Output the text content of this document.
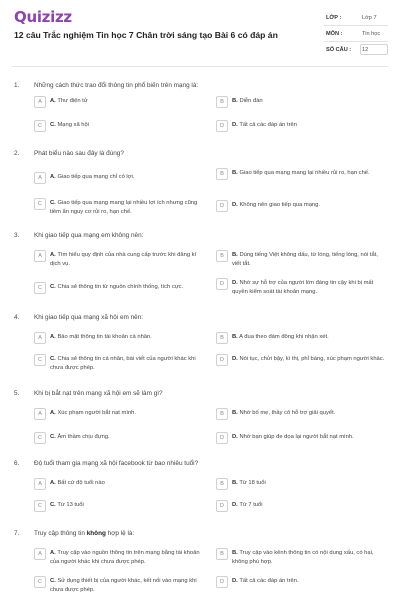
Quizizz
12 câu Trắc nghiệm Tin học 7 Chân trời sáng tạo Bài 6 có đáp án
LỚP :	Lớp 7
MÔN :	Tin học
SỐ CÂU : 12
1. Những cách thức trao đổi thông tin phổ biến trên mạng là:
A	A. Thư điện tử	B	B. Diễn đàn
C	C. Mạng xã hội	D	D. Tất cả các đáp án trên
2. Phát biểu nào sau đây là đúng?
A	A. Giao tiếp qua mạng chỉ có lợi.	B	B. Giao tiếp qua mạng mang lại nhiều rủi ro, hạn chế.
C	C. Giao tiếp qua mạng mang lại nhiều lợi ích nhưng cũng tiềm ẩn nguy cơ rủi ro, hạn chế.
D	D. Không nên giao tiếp qua mạng.
3. Khi giao tiếp qua mạng em không nên:
A	A. Tìm hiểu quy định của nhà cung cấp trước khi đăng kí dịch vụ.
B	B. Dùng tiếng Việt không dấu, từ lóng, tiếng lóng, nói tắt, viết tắt.
C	C. Chia sẻ thông tin từ nguồn chính thống, tích cực.	D	D. Nhờ sự hỗ trợ của người lớn đáng tin cậy khi bị mất quyền kiểm soát tài khoản mạng.
4. Khi giao tiếp qua mạng xã hội em nên:
A	A. Bảo mật thông tin tài khoản cá nhân.	B	B. A đua theo đám đông khi nhận xét.
C	C. Chia sẻ thông tin cá nhân, bài viết của người khác khi chưa được phép.
D	D. Nói tục, chửi bậy, kì thị, phỉ báng, xúc phạm người khác.
5. Khi bị bắt nạt trên mạng xã hội em sẽ làm gì?
A	A. Xúc phạm người bắt nạt mình.	B	B. Nhờ bố mẹ, thầy cô hỗ trợ giải quyết.
C	C. Âm thầm chịu đựng.	D	D. Nhờ bạn giúp đe dọa lại người bắt nạt mình.
6. Độ tuổi tham gia mạng xã hội facebook từ bao nhiêu tuổi?
A	A. Bất cứ độ tuổi nào	B	B. Từ 18 tuổi
C	C. Từ 13 tuổi	D	D. Từ 7 tuổi
7. Truy cập thông tin không hợp lệ là:
A	A. Truy cập vào nguồn thông tin trên mạng bằng tài khoản của người khác khi chưa được phép.
B	B. Truy cập vào kênh thông tin có nội dung xấu, có hại, không phù hợp.
C	C. Sử dụng thiết bị của người khác, kết nối vào mạng khi chưa được phép.
D	D. Tất cả các đáp án trên.
